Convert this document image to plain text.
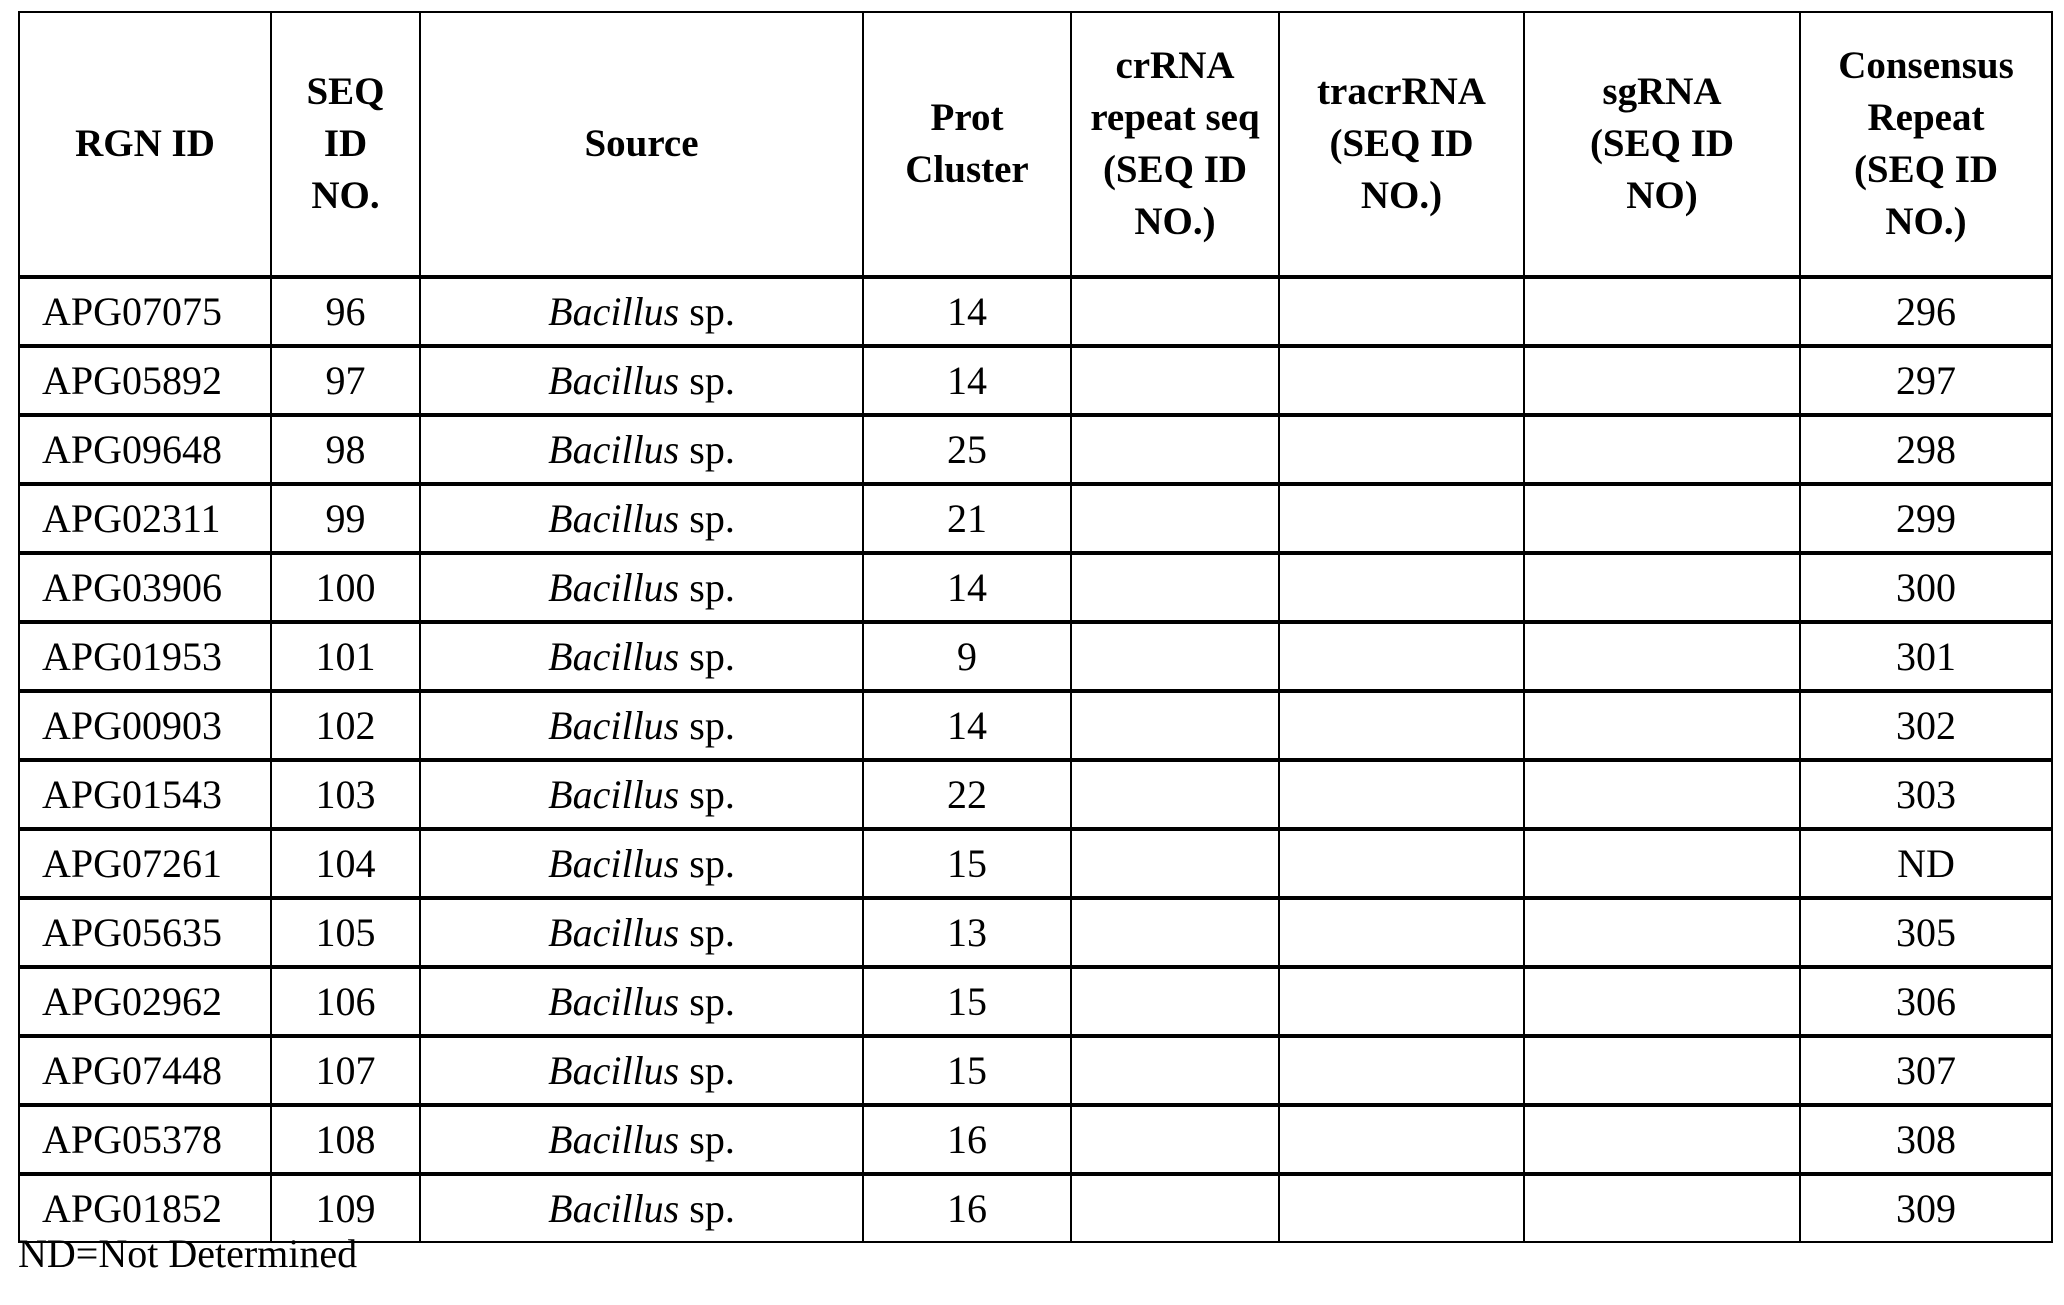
RGN ID	SEQ ID NO.	Source	Prot Cluster	crRNA repeat seq (SEQ ID NO.)	tracrRNA (SEQ ID NO.)	sgRNA (SEQ ID NO)	Consensus Repeat (SEQ ID NO.)
APG07075	96	Bacillus sp.	14				296
APG05892	97	Bacillus sp.	14				297
APG09648	98	Bacillus sp.	25				298
APG02311	99	Bacillus sp.	21				299
APG03906	100	Bacillus sp.	14				300
APG01953	101	Bacillus sp.	9				301
APG00903	102	Bacillus sp.	14				302
APG01543	103	Bacillus sp.	22				303
APG07261	104	Bacillus sp.	15				ND
APG05635	105	Bacillus sp.	13				305
APG02962	106	Bacillus sp.	15				306
APG07448	107	Bacillus sp.	15				307
APG05378	108	Bacillus sp.	16				308
APG01852	109	Bacillus sp.	16				309
ND=Not Determined
